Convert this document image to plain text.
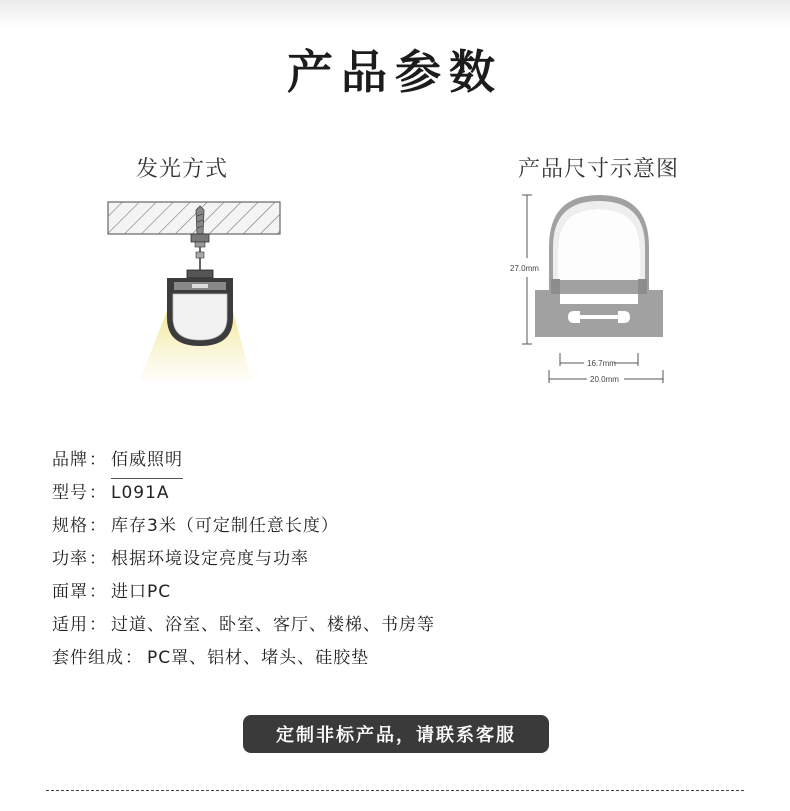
产品参数
发光方式	产品尺寸示意图
27.0mm
16.7mm
20.0mm
品牌： 佰威照明
型号： L091A
规格： 库存3米（可定制任意长度）
功率： 根据环境设定亮度与功率
面罩： 进口PC
适用： 过道、浴室、卧室、客厅、楼梯、书房等
套件组成： PC罩、铝材、堵头、硅胶垫
定制非标产品，请联系客服
